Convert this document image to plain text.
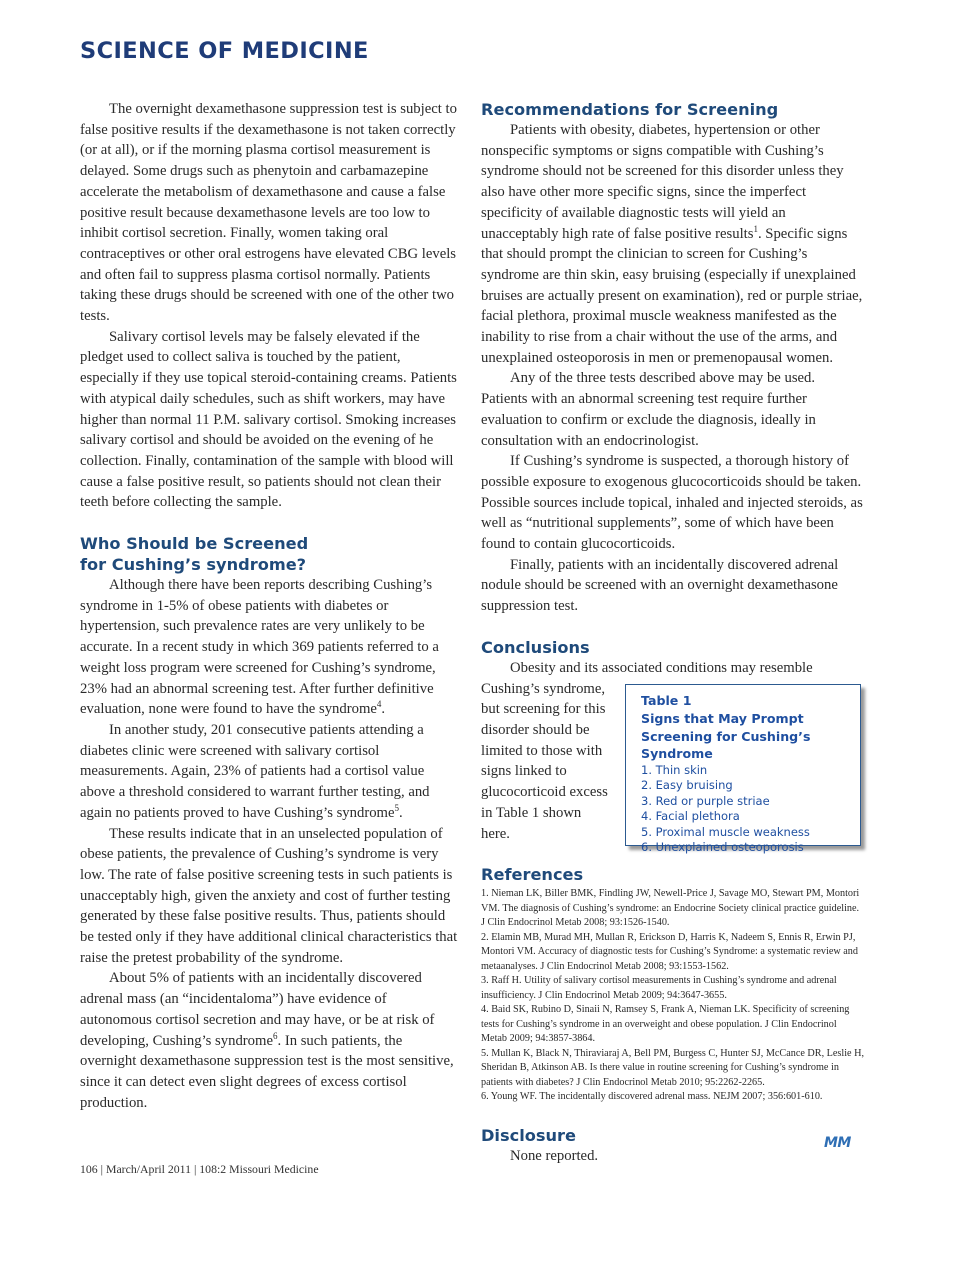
SCIENCE OF MEDICINE

The overnight dexamethasone suppression test is subject to false positive results if the dexamethasone is not taken correctly (or at all), or if the morning plasma cortisol measurement is delayed. Some drugs such as phenytoin and carbamazepine accelerate the metabolism of dexamethasone and cause a false positive result because dexamethasone levels are too low to inhibit cortisol secretion. Finally, women taking oral contraceptives or other oral estrogens have elevated CBG levels and often fail to suppress plasma cortisol normally. Patients taking these drugs should be screened with one of the other two tests.

Salivary cortisol levels may be falsely elevated if the pledget used to collect saliva is touched by the patient, especially if they use topical steroid-containing creams. Patients with atypical daily schedules, such as shift workers, may have higher than normal 11 P.M. salivary cortisol. Smoking increases salivary cortisol and should be avoided on the evening of he collection. Finally, contamination of the sample with blood will cause a false positive result, so patients should not clean their teeth before collecting the sample.

Who Should be Screened
for Cushing’s syndrome?

Although there have been reports describing Cushing’s syndrome in 1-5% of obese patients with diabetes or hypertension, such prevalence rates are very unlikely to be accurate. In a recent study in which 369 patients referred to a weight loss program were screened for Cushing’s syndrome, 23% had an abnormal screening test. After further definitive evaluation, none were found to have the syndrome$^4$.

In another study, 201 consecutive patients attending a diabetes clinic were screened with salivary cortisol measurements. Again, 23% of patients had a cortisol value above a threshold considered to warrant further testing, and again no patients proved to have Cushing’s syndrome$^5$.

These results indicate that in an unselected population of obese patients, the prevalence of Cushing’s syndrome is very low. The rate of false positive screening tests in such patients is unacceptably high, given the anxiety and cost of further testing generated by these false positive results. Thus, patients should be tested only if they have additional clinical characteristics that raise the pretest probability of the syndrome.

About 5% of patients with an incidentally discovered adrenal mass (an “incidentaloma”) have evidence of autonomous cortisol secretion and may have, or be at risk of developing, Cushing’s syndrome$^6$. In such patients, the overnight dexamethasone suppression test is the most sensitive, since it can detect even slight degrees of excess cortisol production.

Recommendations for Screening

Patients with obesity, diabetes, hypertension or other nonspecific symptoms or signs compatible with Cushing’s syndrome should not be screened for this disorder unless they also have other more specific signs, since the imperfect specificity of available diagnostic tests will yield an unacceptably high rate of false positive results$^1$. Specific signs that should prompt the clinician to screen for Cushing’s syndrome are thin skin, easy bruising (especially if unexplained bruises are actually present on examination), red or purple striae, facial plethora, proximal muscle weakness manifested as the inability to rise from a chair without the use of the arms, and unexplained osteoporosis in men or premenopausal women.

Any of the three tests described above may be used. Patients with an abnormal screening test require further evaluation to confirm or exclude the diagnosis, ideally in consultation with an endocrinologist.

If Cushing’s syndrome is suspected, a thorough history of possible exposure to exogenous glucocorticoids should be taken. Possible sources include topical, inhaled and injected steroids, as well as “nutritional supplements”, some of which have been found to contain glucocorticoids.

Finally, patients with an incidentally discovered adrenal nodule should be screened with an overnight dexamethasone suppression test.

Conclusions

Obesity and its associated conditions may resemble

Cushing’s syndrome, but screening for this disorder should be limited to those with signs linked to glucocorticoid excess in Table 1 shown here.

References

1. Nieman LK, Biller BMK, Findling JW, Newell-Price J, Savage MO, Stewart PM, Montori VM. The diagnosis of Cushing’s syndrome: an Endocrine Society clinical practice guideline. J Clin Endocrinol Metab 2008; 93:1526-1540.

2. Elamin MB, Murad MH, Mullan R, Erickson D, Harris K, Nadeem S, Ennis R, Erwin PJ, Montori VM. Accuracy of diagnostic tests for Cushing’s Syndrome: a systematic review and metaanalyses. J Clin Endocrinol Metab 2008; 93:1553-1562.

3. Raff H. Utility of salivary cortisol measurements in Cushing’s syndrome and adrenal insufficiency. J Clin Endocrinol Metab 2009; 94:3647-3655.

4. Baid SK, Rubino D, Sinaii N, Ramsey S, Frank A, Nieman LK. Specificity of screening tests for Cushing’s syndrome in an overweight and obese population. J Clin Endocrinol Metab 2009; 94:3857-3864.

5. Mullan K, Black N, Thiraviaraj A, Bell PM, Burgess C, Hunter SJ, McCance DR, Leslie H, Sheridan B, Atkinson AB. Is there value in routine screening for Cushing’s syndrome in patients with diabetes? J Clin Endocrinol Metab 2010; 95:2262-2265.

6. Young WF. The incidentally discovered adrenal mass. NEJM 2007; 356:601-610.

Disclosure

None reported.

Table 1
Signs that May Prompt Screening for Cushing’s Syndrome
1. Thin skin
2. Easy bruising
3. Red or purple striae
4. Facial plethora
5. Proximal muscle weakness
6. Unexplained osteoporosis
106 | March/April 2011 | 108:2 Missouri Medicine
MM
